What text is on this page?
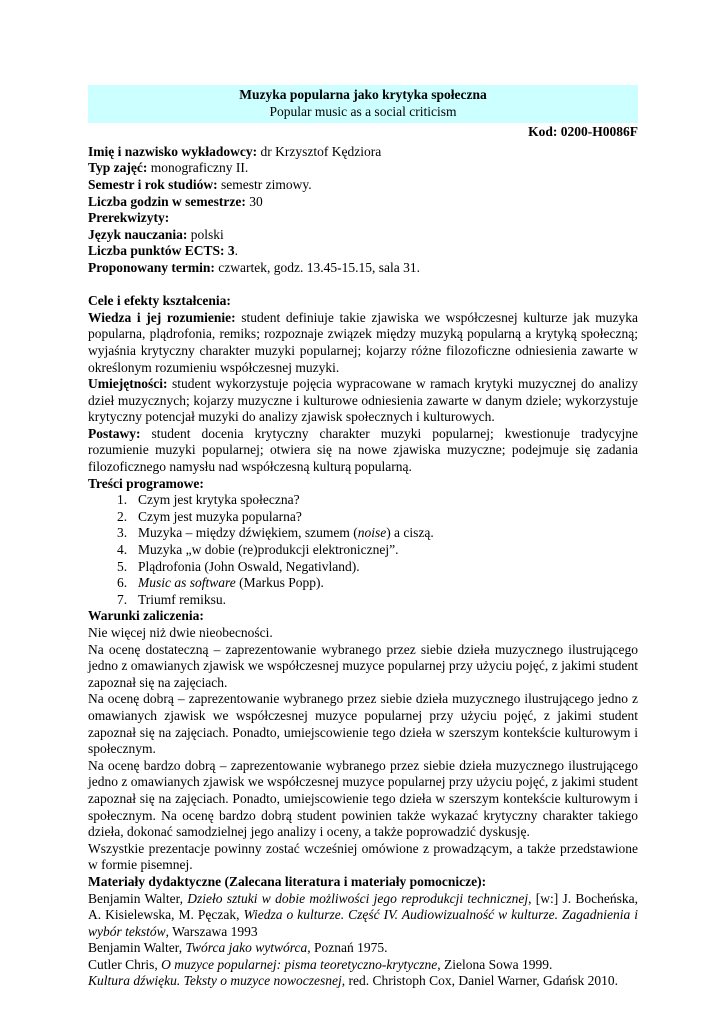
Muzyka popularna jako krytyka społeczna
Popular music as a social criticism
Kod: 0200-H0086F
Imię i nazwisko wykładowcy: dr Krzysztof Kędziora
Typ zajęć: monograficzny II.
Semestr i rok studiów: semestr zimowy.
Liczba godzin w semestrze: 30
Prerekwizyty:
Język nauczania: polski
Liczba punktów ECTS: 3.
Proponowany termin: czwartek, godz. 13.45-15.15, sala 31.

Cele i efekty kształcenia:
Wiedza i jej rozumienie: student definiuje takie zjawiska we współczesnej kulturze jak muzyka popularna, plądrofonia, remiks; rozpoznaje związek między muzyką popularną a krytyką społeczną; wyjaśnia krytyczny charakter muzyki popularnej; kojarzy różne filozoficzne odniesienia zawarte w określonym rozumieniu współczesnej muzyki.
Umiejętności: student wykorzystuje pojęcia wypracowane w ramach krytyki muzycznej do analizy dzieł muzycznych; kojarzy muzyczne i kulturowe odniesienia zawarte w danym dziele; wykorzystuje krytyczny potencjał muzyki do analizy zjawisk społecznych i kulturowych.
Postawy: student docenia krytyczny charakter muzyki popularnej; kwestionuje tradycyjne rozumienie muzyki popularnej; otwiera się na nowe zjawiska muzyczne; podejmuje się zadania filozoficznego namysłu nad współczesną kulturą popularną.
Treści programowe:
1. Czym jest krytyka społeczna?
2. Czym jest muzyka popularna?
3. Muzyka – między dźwiękiem, szumem (noise) a ciszą.
4. Muzyka „w dobie (re)produkcji elektronicznej”.
5. Plądrofonia (John Oswald, Negativland).
6. Music as software (Markus Popp).
7. Triumf remiksu.
Warunki zaliczenia:
Nie więcej niż dwie nieobecności.
Na ocenę dostateczną – zaprezentowanie wybranego przez siebie dzieła muzycznego ilustrującego jedno z omawianych zjawisk we współczesnej muzyce popularnej przy użyciu pojęć, z jakimi student zapoznał się na zajęciach.
Na ocenę dobrą – zaprezentowanie wybranego przez siebie dzieła muzycznego ilustrującego jedno z omawianych zjawisk we współczesnej muzyce popularnej przy użyciu pojęć, z jakimi student zapoznał się na zajęciach. Ponadto, umiejscowienie tego dzieła w szerszym kontekście kulturowym i społecznym.
Na ocenę bardzo dobrą – zaprezentowanie wybranego przez siebie dzieła muzycznego ilustrującego jedno z omawianych zjawisk we współczesnej muzyce popularnej przy użyciu pojęć, z jakimi student zapoznał się na zajęciach. Ponadto, umiejscowienie tego dzieła w szerszym kontekście kulturowym i społecznym. Na ocenę bardzo dobrą student powinien także wykazać krytyczny charakter takiego dzieła, dokonać samodzielnej jego analizy i oceny, a także poprowadzić dyskusję.
Wszystkie prezentacje powinny zostać wcześniej omówione z prowadzącym, a także przedstawione w formie pisemnej.
Materiały dydaktyczne (Zalecana literatura i materiały pomocnicze):
Benjamin Walter, Dzieło sztuki w dobie możliwości jego reprodukcji technicznej, [w:] J. Bocheńska, A. Kisielewska, M. Pęczak, Wiedza o kulturze. Część IV. Audiowizualność w kulturze. Zagadnienia i wybór tekstów, Warszawa 1993
Benjamin Walter, Twórca jako wytwórca, Poznań 1975.
Cutler Chris, O muzyce popularnej: pisma teoretyczno-krytyczne, Zielona Sowa 1999.
Kultura dźwięku. Teksty o muzyce nowoczesnej, red. Christoph Cox, Daniel Warner, Gdańsk 2010.
